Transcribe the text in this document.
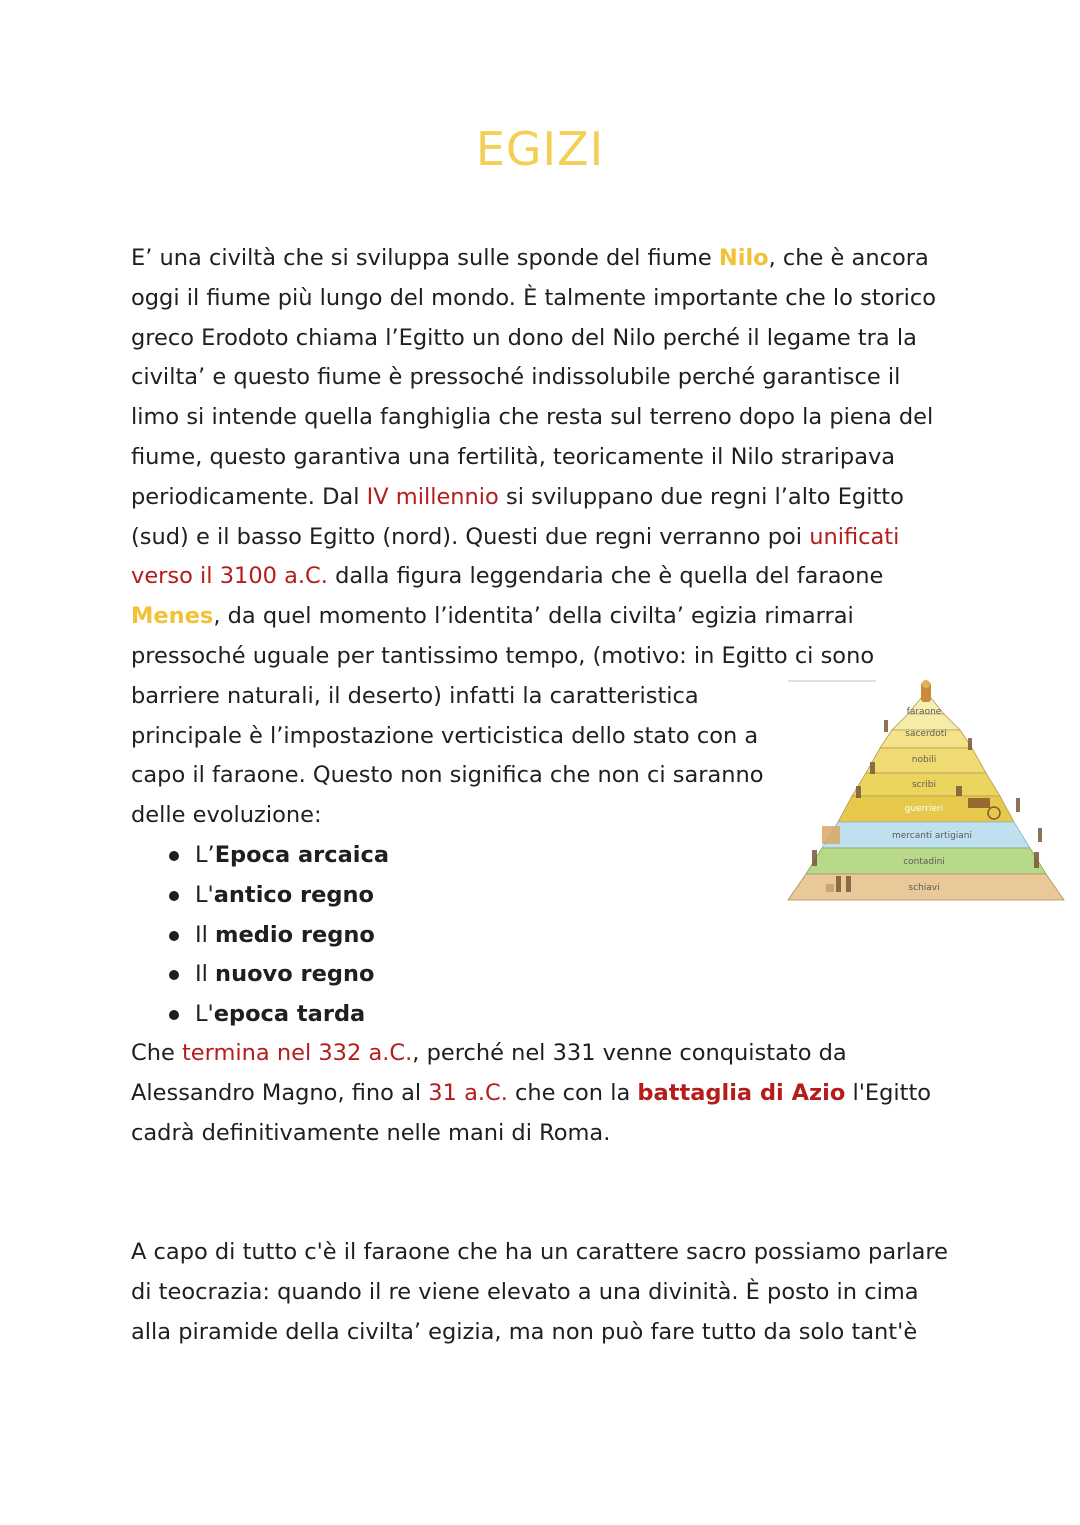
EGIZI

E’ una civiltà che si sviluppa sulle sponde del fiume Nilo, che è ancora oggi il fiume più lungo del mondo. È talmente importante che lo storico greco Erodoto chiama l’Egitto un dono del Nilo perché il legame tra la civilta’ e questo fiume è pressoché indissolubile perché garantisce il limo si intende quella fanghiglia che resta sul terreno dopo la piena del fiume, questo garantiva una fertilità, teoricamente il Nilo straripava periodicamente. Dal IV millennio si sviluppano due regni l’alto Egitto (sud) e il basso Egitto (nord). Questi due regni verranno poi unificati verso il 3100 a.C. dalla figura leggendaria che è quella del faraone Menes, da quel momento l’identita’ della civilta’ egizia rimarrai pressoché uguale per tantissimo tempo, (motivo: in Egitto ci sono
barriere naturali, il deserto) infatti la caratteristica principale è l’impostazione verticistica dello stato con a capo il faraone. Questo non significa che non ci saranno delle evoluzione:

L’Epoca arcaica
L'antico regno
Il medio regno
Il nuovo regno
L'epoca tarda

Che termina nel 332 a.C., perché nel 331 venne conquistato da Alessandro Magno, fino al 31 a.C. che con la battaglia di Azio l'Egitto cadrà definitivamente nelle mani di Roma.

A capo di tutto c'è il faraone che ha un carattere sacro possiamo parlare di teocrazia: quando il re viene elevato a una divinità. È posto in cima alla piramide della civilta’ egizia, ma non può fare tutto da solo tant'è

faraone
sacerdoti
nobili
scribi
guerrieri
mercanti artigiani
contadini
schiavi
